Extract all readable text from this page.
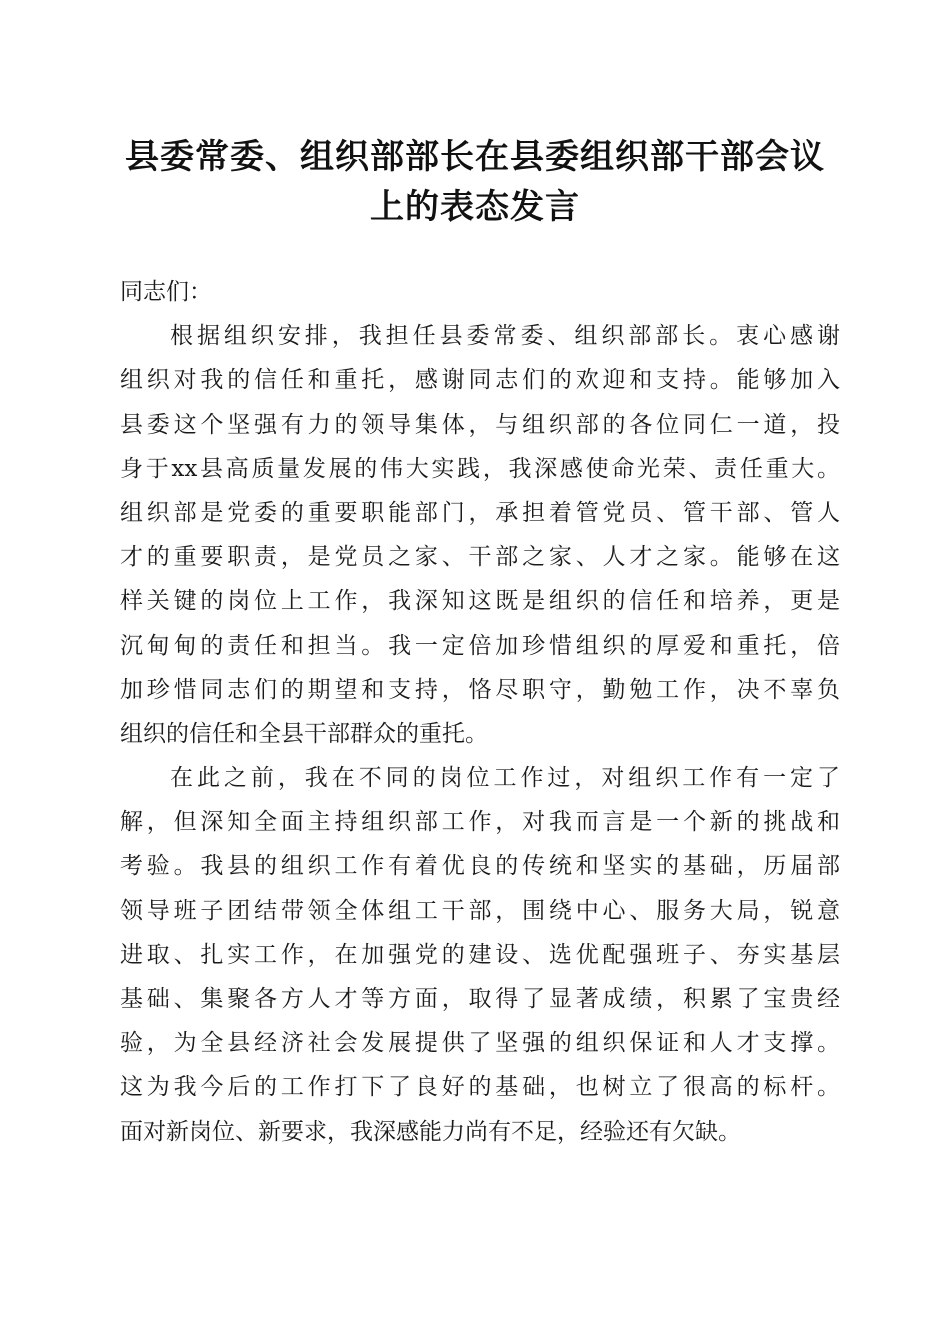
县委常委、组织部部长在县委组织部干部会议
上的表态发言
同志们：
根据组织安排，我担任县委常委、组织部部长。衷心感谢
组织对我的信任和重托，感谢同志们的欢迎和支持。能够加入
县委这个坚强有力的领导集体，与组织部的各位同仁一道，投
身于xx县高质量发展的伟大实践，我深感使命光荣、责任重大。
组织部是党委的重要职能部门，承担着管党员、管干部、管人
才的重要职责，是党员之家、干部之家、人才之家。能够在这
样关键的岗位上工作，我深知这既是组织的信任和培养，更是
沉甸甸的责任和担当。我一定倍加珍惜组织的厚爱和重托，倍
加珍惜同志们的期望和支持，恪尽职守，勤勉工作，决不辜负
组织的信任和全县干部群众的重托。
在此之前，我在不同的岗位工作过，对组织工作有一定了
解，但深知全面主持组织部工作，对我而言是一个新的挑战和
考验。我县的组织工作有着优良的传统和坚实的基础，历届部
领导班子团结带领全体组工干部，围绕中心、服务大局，锐意
进取、扎实工作，在加强党的建设、选优配强班子、夯实基层
基础、集聚各方人才等方面，取得了显著成绩，积累了宝贵经
验，为全县经济社会发展提供了坚强的组织保证和人才支撑。
这为我今后的工作打下了良好的基础，也树立了很高的标杆。
面对新岗位、新要求，我深感能力尚有不足，经验还有欠缺。
